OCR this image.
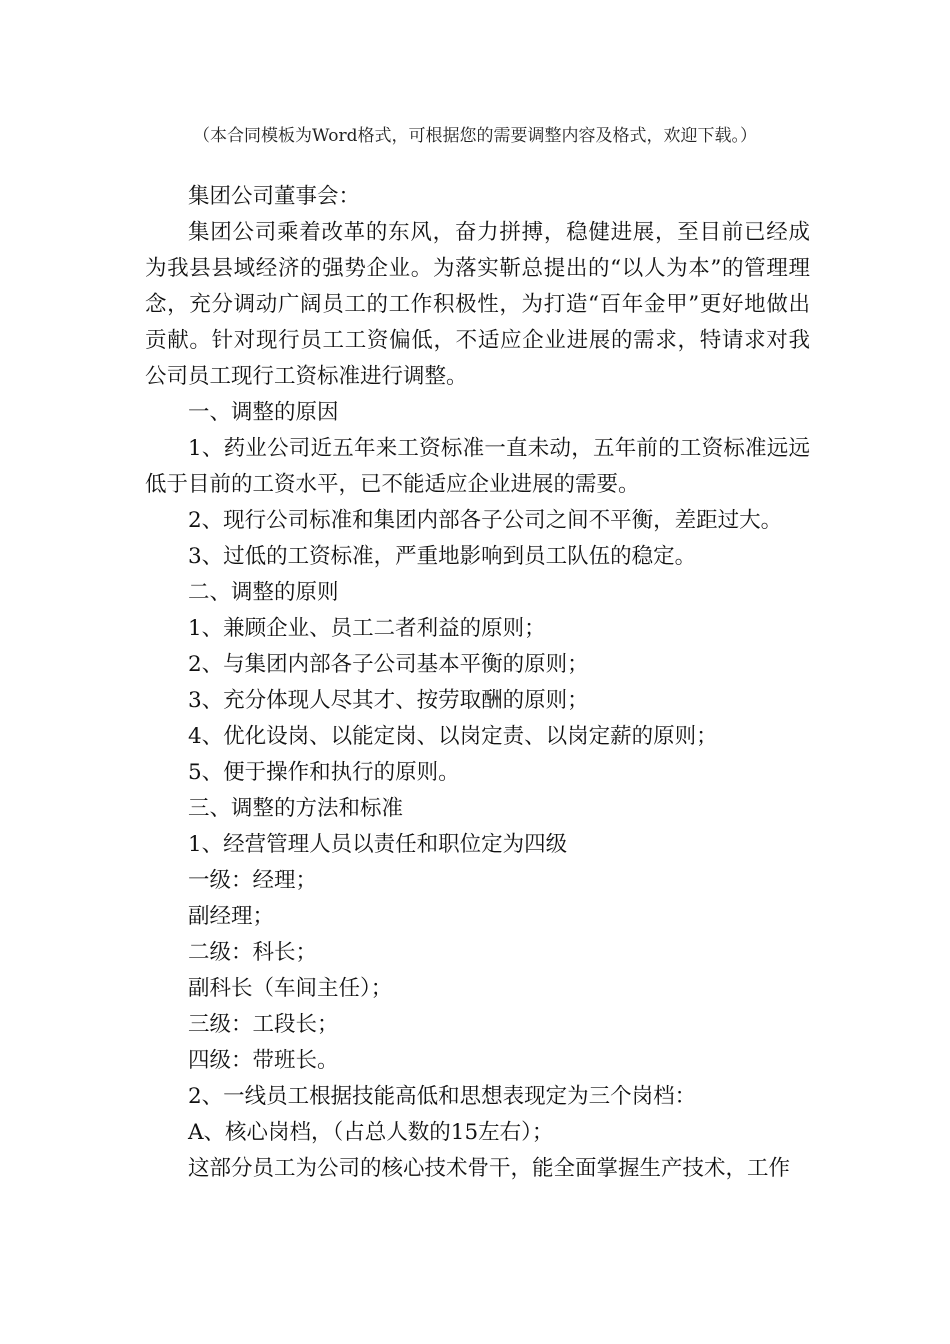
（本合同模板为Word格式，可根据您的需要调整内容及格式，欢迎下载。）

集团公司董事会：

集团公司乘着改革的东风，奋力拼搏，稳健进展，至目前已经成为我县县域经济的强势企业。为落实靳总提出的“以人为本”的管理理念，充分调动广阔员工的工作积极性，为打造“百年金甲”更好地做出贡献。针对现行员工工资偏低，不适应企业进展的需求，特请求对我公司员工现行工资标准进行调整。

一、调整的原因

1、药业公司近五年来工资标准一直未动，五年前的工资标准远远低于目前的工资水平，已不能适应企业进展的需要。

2、现行公司标准和集团内部各子公司之间不平衡，差距过大。

3、过低的工资标准，严重地影响到员工队伍的稳定。

二、调整的原则

1、兼顾企业、员工二者利益的原则；

2、与集团内部各子公司基本平衡的原则；

3、充分体现人尽其才、按劳取酬的原则；

4、优化设岗、以能定岗、以岗定责、以岗定薪的原则；

5、便于操作和执行的原则。

三、调整的方法和标准

1、经营管理人员以责任和职位定为四级

一级：经理；

副经理；

二级：科长；

副科长（车间主任）；

三级：工段长；

四级：带班长。

2、一线员工根据技能高低和思想表现定为三个岗档：

A、核心岗档，（占总人数的15左右）；

这部分员工为公司的核心技术骨干，能全面掌握生产技术，工作
